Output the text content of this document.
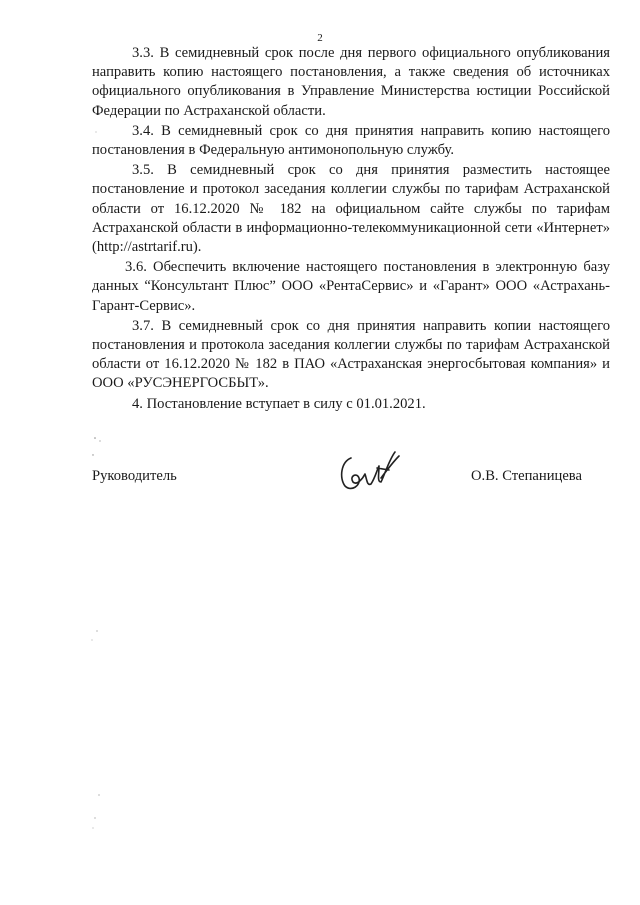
2

3.3. В семидневный срок после дня первого официального опубликования направить копию настоящего постановления, а также сведения об источниках официального опубликования в Управление Министерства юстиции Российской Федерации по Астраханской области.

3.4. В семидневный срок со дня принятия направить копию настоящего постановления в Федеральную антимонопольную службу.

3.5. В семидневный срок со дня принятия разместить настоящее постановление и протокол заседания коллегии службы по тарифам Астраханской области от 16.12.2020 № 182 на официальном сайте службы по тарифам Астраханской области в информационно-телекоммуникационной сети «Интернет» (http://astrtarif.ru).

3.6. Обеспечить включение настоящего постановления в электронную базу данных “Консультант Плюс” ООО «РентаСервис» и «Гарант» ООО «Астрахань-Гарант-Сервис».

3.7. В семидневный срок со дня принятия направить копии настоящего постановления и протокола заседания коллегии службы по тарифам Астраханской области от 16.12.2020 № 182 в ПАО «Астраханская энергосбытовая компания» и ООО «РУСЭНЕРГОСБЫТ».

4. Постановление вступает в силу с 01.01.2021.

Руководитель	О.В. Степаницева
